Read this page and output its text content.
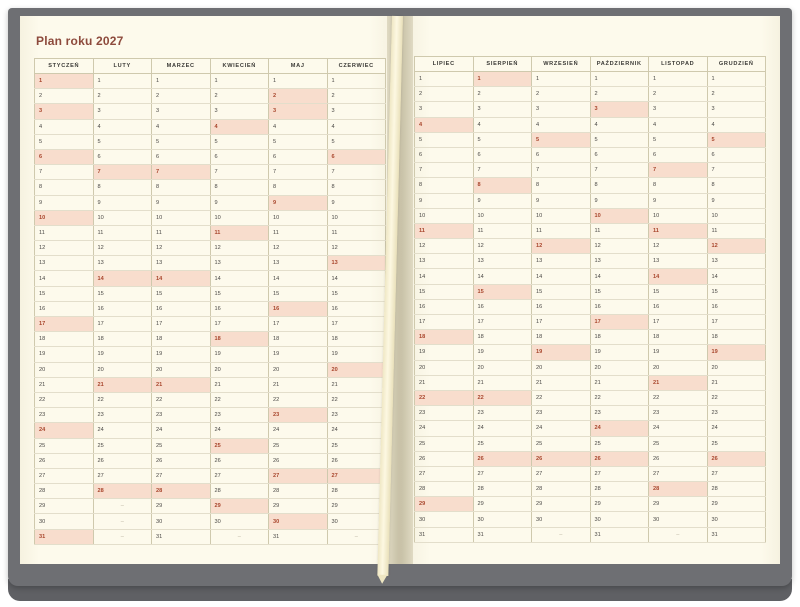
Plan roku 2027
STYCZEŃ	LUTY	MARZEC	KWIECIEŃ	MAJ	CZERWIEC
1	1	1	1	1	1
2	2	2	2	2	2
3	3	3	3	3	3
4	4	4	4	4	4
5	5	5	5	5	5
6	6	6	6	6	6
7	7	7	7	7	7
8	8	8	8	8	8
9	9	9	9	9	9
10	10	10	10	10	10
11	11	11	11	11	11
12	12	12	12	12	12
13	13	13	13	13	13
14	14	14	14	14	14
15	15	15	15	15	15
16	16	16	16	16	16
17	17	17	17	17	17
18	18	18	18	18	18
19	19	19	19	19	19
20	20	20	20	20	20
21	21	21	21	21	21
22	22	22	22	22	22
23	23	23	23	23	23
24	24	24	24	24	24
25	25	25	25	25	25
26	26	26	26	26	26
27	27	27	27	27	27
28	28	28	28	28	28
29	–	29	29	29	29
30	–	30	30	30	30
31	–	31	–	31	–
LIPIEC	SIERPIEŃ	WRZESIEŃ	PAŹDZIERNIK	LISTOPAD	GRUDZIEŃ
1	1	1	1	1	1
2	2	2	2	2	2
3	3	3	3	3	3
4	4	4	4	4	4
5	5	5	5	5	5
6	6	6	6	6	6
7	7	7	7	7	7
8	8	8	8	8	8
9	9	9	9	9	9
10	10	10	10	10	10
11	11	11	11	11	11
12	12	12	12	12	12
13	13	13	13	13	13
14	14	14	14	14	14
15	15	15	15	15	15
16	16	16	16	16	16
17	17	17	17	17	17
18	18	18	18	18	18
19	19	19	19	19	19
20	20	20	20	20	20
21	21	21	21	21	21
22	22	22	22	22	22
23	23	23	23	23	23
24	24	24	24	24	24
25	25	25	25	25	25
26	26	26	26	26	26
27	27	27	27	27	27
28	28	28	28	28	28
29	29	29	29	29	29
30	30	30	30	30	30
31	31	–	31	–	31
